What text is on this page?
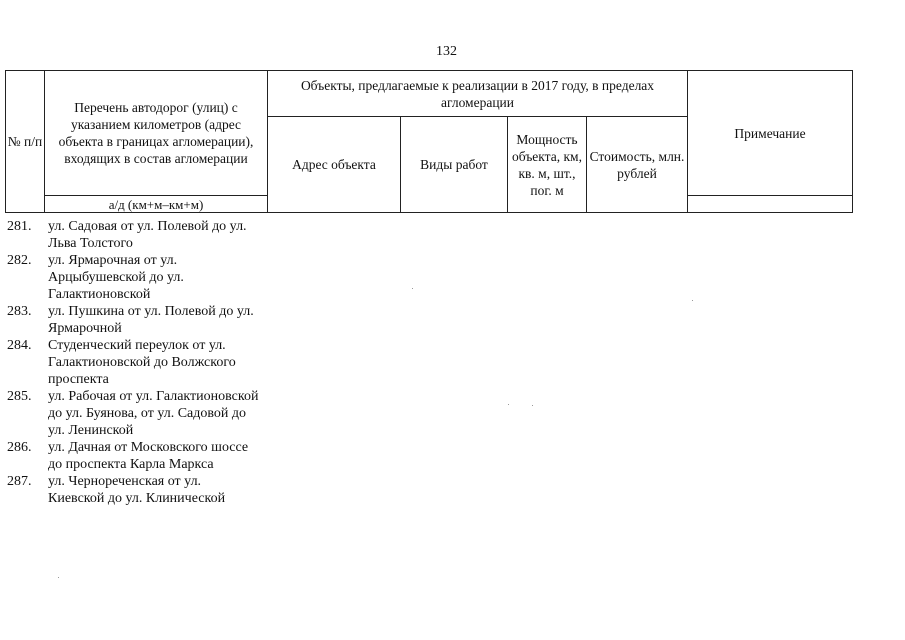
132
№ п/п	Перечень автодорог (улиц) с указанием километров (адрес объекта в границах агломерации), входящих в состав агломерации	Объекты, предлагаемые к реализации в 2017 году, в пределах агломерации				Примечание
		Адрес объекта	Виды работ	Мощность объекта, км, кв. м, шт., пог. м	Стоимость, млн. рублей	
	а/д (км+м–км+м)					
281.	ул. Садовая от ул. Полевой до ул. Льва Толстого
282.	ул. Ярмарочная от ул. Арцыбушевской до ул. Галактионовской
283.	ул. Пушкина от ул. Полевой до ул. Ярмарочной
284.	Студенческий переулок от ул. Галактионовской до Волжского проспекта
285.	ул. Рабочая от ул. Галактионовской до ул. Буянова, от ул. Садовой до ул. Ленинской
286.	ул. Дачная от Московского шоссе до проспекта Карла Маркса
287.	ул. Чернореченская от ул. Киевской до ул. Клинической
